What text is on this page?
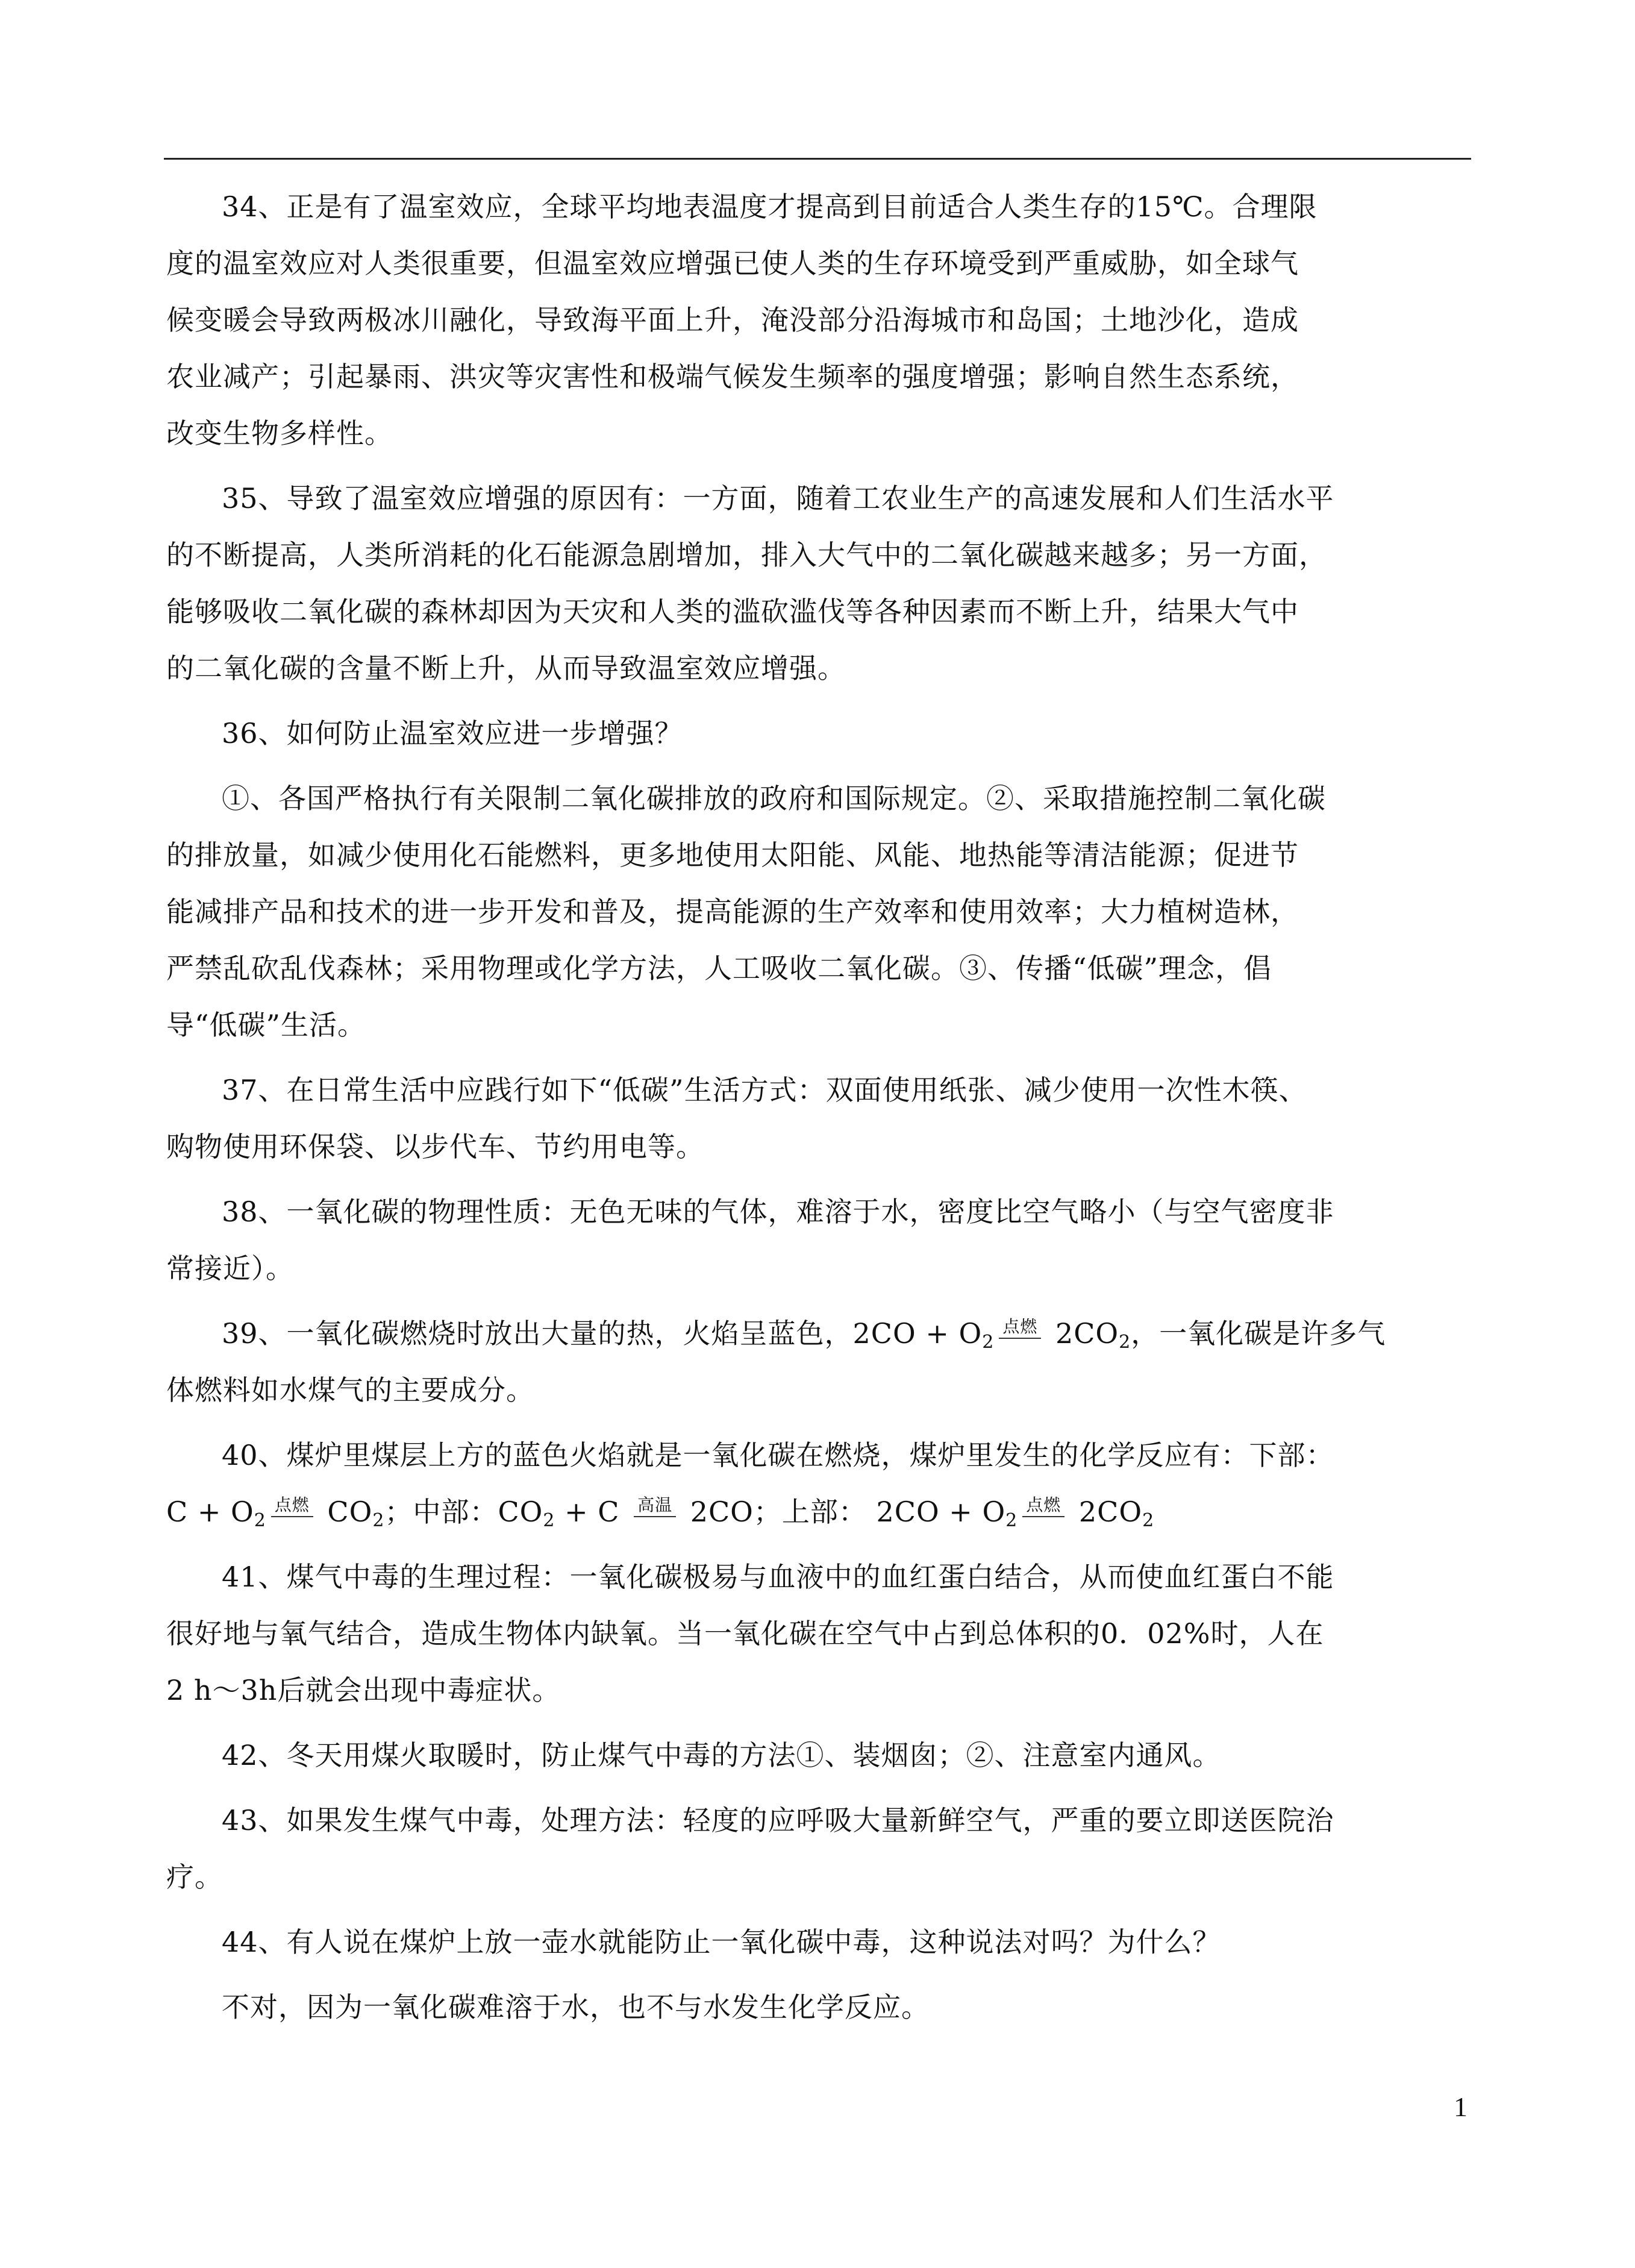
34、正是有了温室效应，全球平均地表温度才提高到目前适合人类生存的15℃。合理限
度的温室效应对人类很重要，但温室效应增强已使人类的生存环境受到严重威胁，如全球气
候变暖会导致两极冰川融化，导致海平面上升，淹没部分沿海城市和岛国；土地沙化，造成
农业减产；引起暴雨、洪灾等灾害性和极端气候发生频率的强度增强；影响自然生态系统，
改变生物多样性。
35、导致了温室效应增强的原因有：一方面，随着工农业生产的高速发展和人们生活水平
的不断提高，人类所消耗的化石能源急剧增加，排入大气中的二氧化碳越来越多；另一方面，
能够吸收二氧化碳的森林却因为天灾和人类的滥砍滥伐等各种因素而不断上升，结果大气中
的二氧化碳的含量不断上升，从而导致温室效应增强。
36、如何防止温室效应进一步增强？
①、各国严格执行有关限制二氧化碳排放的政府和国际规定。②、采取措施控制二氧化碳
的排放量，如减少使用化石能燃料，更多地使用太阳能、风能、地热能等清洁能源；促进节
能减排产品和技术的进一步开发和普及，提高能源的生产效率和使用效率；大力植树造林，
严禁乱砍乱伐森林；采用物理或化学方法，人工吸收二氧化碳。③、传播“低碳”理念，倡
导“低碳”生活。
37、在日常生活中应践行如下“低碳”生活方式：双面使用纸张、减少使用一次性木筷、
购物使用环保袋、以步代车、节约用电等。
38、一氧化碳的物理性质：无色无味的气体，难溶于水，密度比空气略小（与空气密度非
常接近）。
39、一氧化碳燃烧时放出大量的热，火焰呈蓝色，$2CO + O_2$
点燃 $2CO_2$，一氧化碳是许多气
体燃料如水煤气的主要成分。
40、煤炉里煤层上方的蓝色火焰就是一氧化碳在燃烧，煤炉里发生的化学反应有：下部：
$C + O_2$
点燃 $CO_2$；中部：$CO_2 + C$ 高温 2CO；上部： $2CO + O_2$
点燃 $2CO_2$
41、煤气中毒的生理过程：一氧化碳极易与血液中的血红蛋白结合，从而使血红蛋白不能
很好地与氧气结合，造成生物体内缺氧。当一氧化碳在空气中占到总体积的0．02%时，人在
2 h～3h后就会出现中毒症状。
42、冬天用煤火取暖时，防止煤气中毒的方法①、装烟囱；②、注意室内通风。
43、如果发生煤气中毒，处理方法：轻度的应呼吸大量新鲜空气，严重的要立即送医院治
疗。
44、有人说在煤炉上放一壶水就能防止一氧化碳中毒，这种说法对吗？为什么？
不对，因为一氧化碳难溶于水，也不与水发生化学反应。
1
